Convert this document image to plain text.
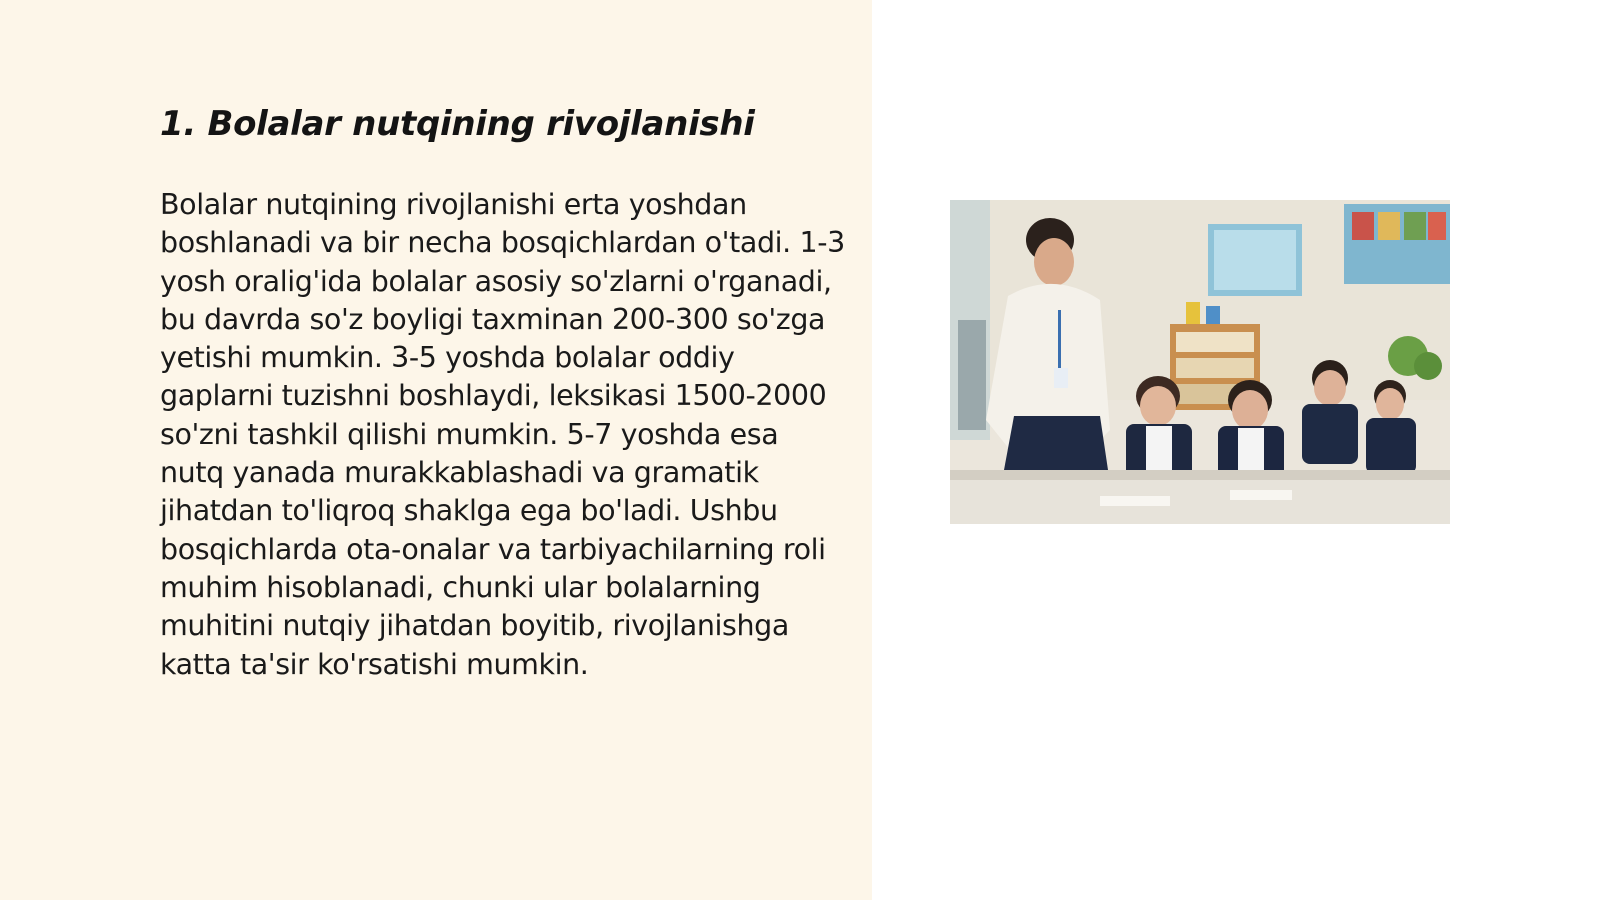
1. Bolalar nutqining rivojlanishi

Bolalar nutqining rivojlanishi erta yoshdan boshlanadi va bir necha bosqichlardan o'tadi. 1-3 yosh oralig'ida bolalar asosiy so'zlarni o'rganadi, bu davrda so'z boyligi taxminan 200-300 so'zga yetishi mumkin. 3-5 yoshda bolalar oddiy gaplarni tuzishni boshlaydi, leksikasi 1500-2000 so'zni tashkil qilishi mumkin. 5-7 yoshda esa nutq yanada murakkablashadi va gramatik jihatdan to'liqroq shaklga ega bo'ladi. Ushbu bosqichlarda ota-onalar va tarbiyachilarning roli muhim hisoblanadi, chunki ular bolalarning muhitini nutqiy jihatdan boyitib, rivojlanishga katta ta'sir ko'rsatishi mumkin.
